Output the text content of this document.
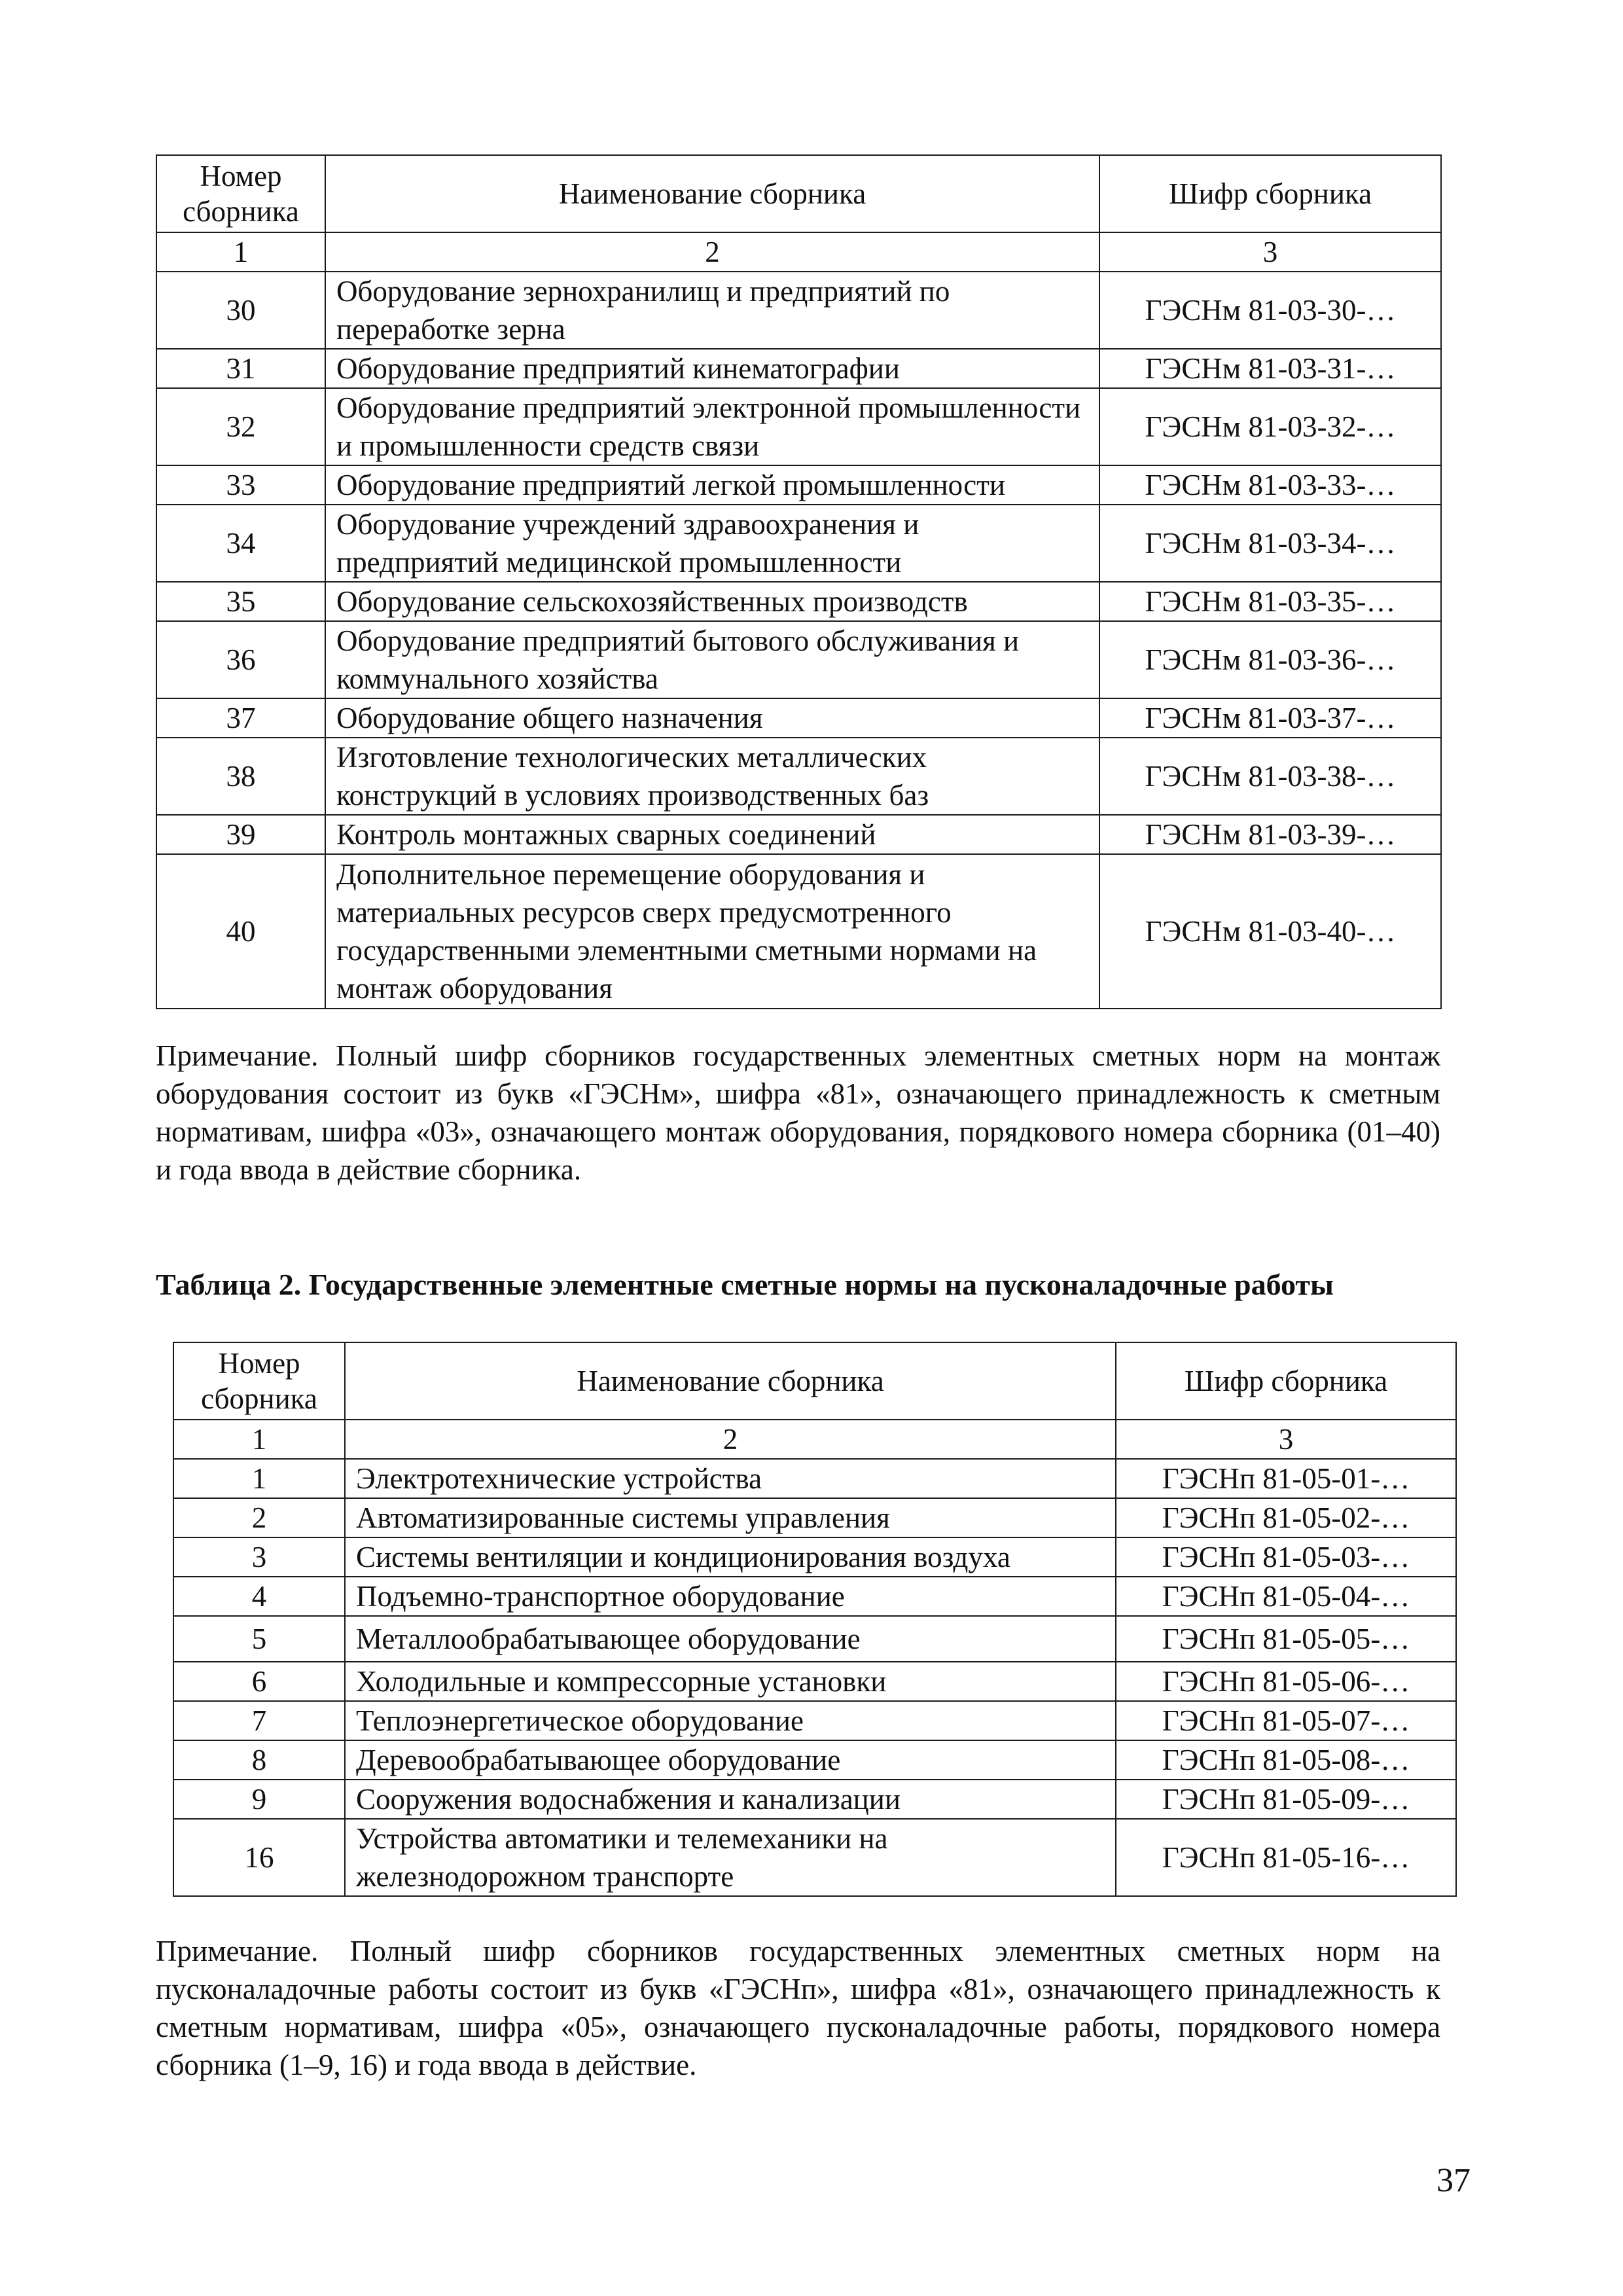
Номер сборника	Наименование сборника	Шифр сборника
1	2	3
30	Оборудование зернохранилищ и предприятий по переработке зерна	ГЭСНм 81-03-30-…
31	Оборудование предприятий кинематографии	ГЭСНм 81-03-31-…
32	Оборудование предприятий электронной промышленности и промышленности средств связи	ГЭСНм 81-03-32-…
33	Оборудование предприятий легкой промышленности	ГЭСНм 81-03-33-…
34	Оборудование учреждений здравоохранения и предприятий медицинской промышленности	ГЭСНм 81-03-34-…
35	Оборудование сельскохозяйственных производств	ГЭСНм 81-03-35-…
36	Оборудование предприятий бытового обслуживания и коммунального хозяйства	ГЭСНм 81-03-36-…
37	Оборудование общего назначения	ГЭСНм 81-03-37-…
38	Изготовление технологических металлических конструкций в условиях производственных баз	ГЭСНм 81-03-38-…
39	Контроль монтажных сварных соединений	ГЭСНм 81-03-39-…
40	Дополнительное перемещение оборудования и материальных ресурсов сверх предусмотренного государственными элементными сметными нормами на монтаж оборудования	ГЭСНм 81-03-40-…
Примечание. Полный шифр сборников государственных элементных сметных норм на монтаж оборудования состоит из букв «ГЭСНм», шифра «81», означающего принадлежность к сметным нормативам, шифра «03», означающего монтаж оборудования, порядкового номера сборника (01–40) и года ввода в действие сборника.
Таблица 2. Государственные элементные сметные нормы на пусконаладочные работы
Номер сборника	Наименование сборника	Шифр сборника
1	2	3
1	Электротехнические устройства	ГЭСНп 81-05-01-…
2	Автоматизированные системы управления	ГЭСНп 81-05-02-…
3	Системы вентиляции и кондиционирования воздуха	ГЭСНп 81-05-03-…
4	Подъемно-транспортное оборудование	ГЭСНп 81-05-04-…
5	Металлообрабатывающее оборудование	ГЭСНп 81-05-05-…
6	Холодильные и компрессорные установки	ГЭСНп 81-05-06-…
7	Теплоэнергетическое оборудование	ГЭСНп 81-05-07-…
8	Деревообрабатывающее оборудование	ГЭСНп 81-05-08-…
9	Сооружения водоснабжения и канализации	ГЭСНп 81-05-09-…
16	Устройства автоматики и телемеханики на железнодорожном транспорте	ГЭСНп 81-05-16-…
Примечание. Полный шифр сборников государственных элементных сметных норм на пусконаладочные работы состоит из букв «ГЭСНп», шифра «81», означающего принадлежность к сметным нормативам, шифра «05», означающего пусконаладочные работы, порядкового номера сборника (1–9, 16) и года ввода в действие.
37
